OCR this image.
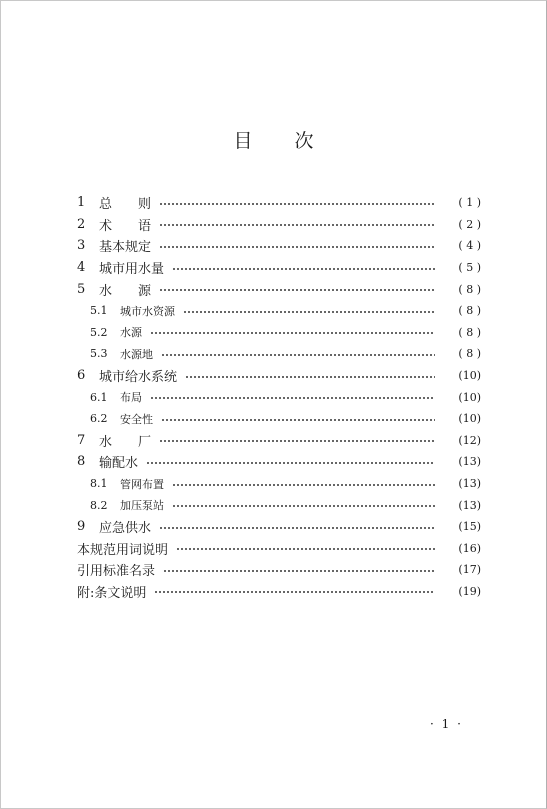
目 次
1	总　　则	( 1 )
2	术　　语	( 2 )
3	基本规定	( 4 )
4	城市用水量	( 5 )
5	水　　源	( 8 )
5.1	城市水资源	( 8 )
5.2	水源	( 8 )
5.3	水源地	( 8 )
6	城市给水系统	(10)
6.1	布局	(10)
6.2	安全性	(10)
7	水　　厂	(12)
8	输配水	(13)
8.1	管网布置	(13)
8.2	加压泵站	(13)
9	应急供水	(15)
本规范用词说明	(16)
引用标准名录	(17)
附:条文说明	(19)
· 1 ·
